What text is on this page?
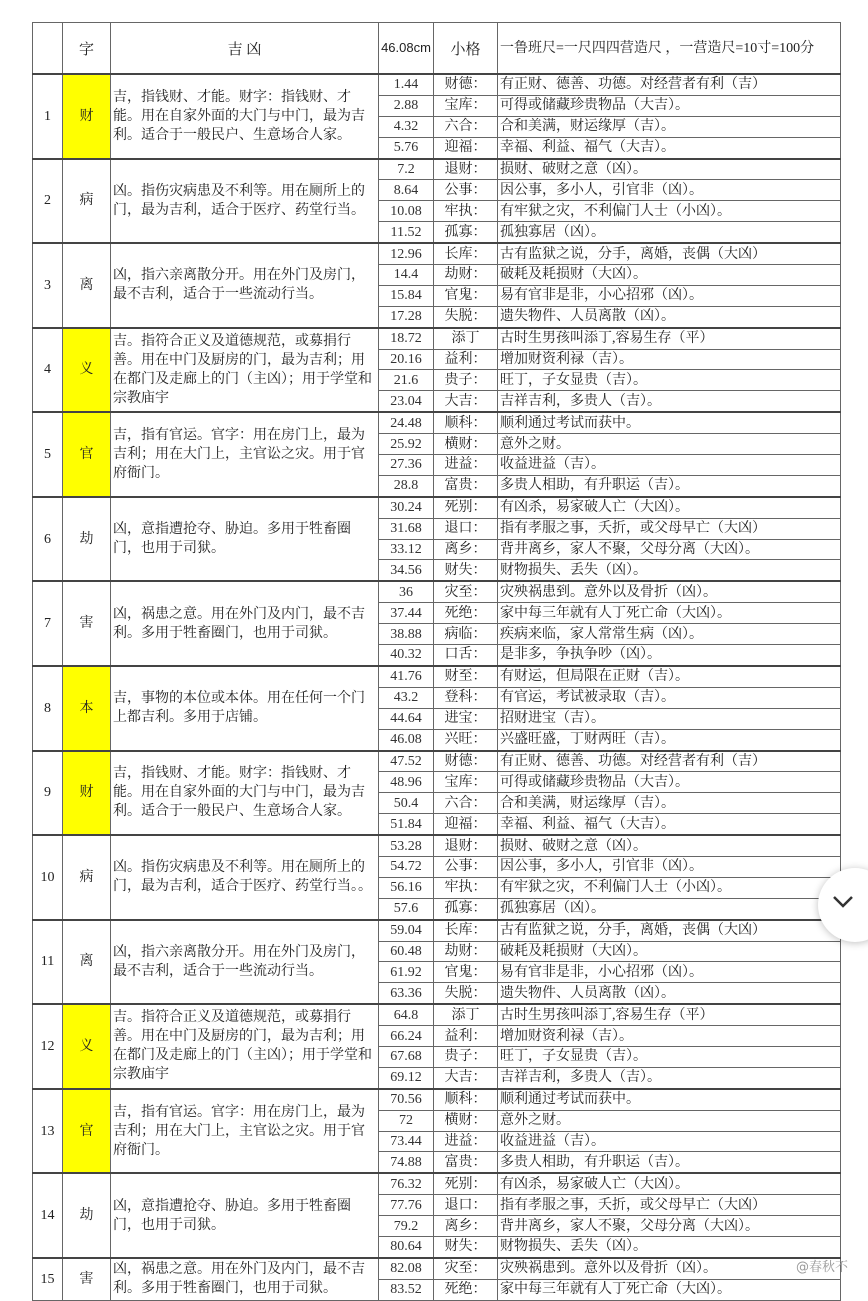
	字	吉 凶	46.08cm	小格	一鲁班尺=一尺四四营造尺 ，一营造尺=10寸=100分
1	财	吉，指钱财、才能。财字：指钱财、才能。用在自家外面的大门与中门，最为吉利。适合于一般民户、生意场合人家。	1.44	财德：	有正财、德善、功德。对经营者有利（吉）
			2.88	宝库：	可得或储藏珍贵物品（大吉）。
			4.32	六合：	合和美满，财运缘厚（吉）。
			5.76	迎福：	幸福、利益、福气（大吉）。
2	病	凶。指伤灾病患及不利等。用在厕所上的门，最为吉利，适合于医疗、药堂行当。	7.2	退财：	损财、破财之意（凶）。
			8.64	公事：	因公事，多小人，引官非（凶）。
			10.08	牢执：	有牢狱之灾，不利偏门人士（小凶）。
			11.52	孤寡：	孤独寡居（凶）。
3	离	凶，指六亲离散分开。用在外门及房门，最不吉利，适合于一些流动行当。	12.96	长库：	古有监狱之说，分手，离婚，丧偶（大凶）
			14.4	劫财：	破耗及耗损财（大凶）。
			15.84	官鬼：	易有官非是非，小心招邪（凶）。
			17.28	失脱：	遗失物件、人员离散（凶）。
4	义	吉。指符合正义及道德规范，或募捐行善。用在中门及厨房的门，最为吉利；用在都门及走廊上的门（主凶）；用于学堂和宗教庙宇	18.72	添丁	古时生男孩叫添丁,容易生存（平）
			20.16	益利：	增加财资利禄（吉）。
			21.6	贵子：	旺丁，子女显贵（吉）。
			23.04	大吉：	吉祥吉利，多贵人（吉）。
5	官	吉，指有官运。官字：用在房门上，最为吉利；用在大门上，主官讼之灾。用于官府衙门。	24.48	顺科：	顺利通过考试而获中。
			25.92	横财：	意外之财。
			27.36	进益：	收益进益（吉）。
			28.8	富贵：	多贵人相助，有升职运（吉）。
6	劫	凶，意指遭抢夺、胁迫。多用于牲畜圈门，也用于司狱。	30.24	死别：	有凶杀，易家破人亡（大凶）。
			31.68	退口：	指有孝服之事，夭折，或父母早亡（大凶）
			33.12	离乡：	背井离乡，家人不聚，父母分离（大凶）。
			34.56	财失：	财物损失、丢失（凶）。
7	害	凶，祸患之意。用在外门及内门，最不吉利。多用于牲畜圈门，也用于司狱。	36	灾至：	灾殃祸患到。意外以及骨折（凶）。
			37.44	死绝：	家中每三年就有人丁死亡命（大凶）。
			38.88	病临：	疾病来临，家人常常生病（凶）。
			40.32	口舌：	是非多，争执争吵（凶）。
8	本	吉，事物的本位或本体。用在任何一个门上都吉利。多用于店铺。	41.76	财至：	有财运，但局限在正财（吉）。
			43.2	登科：	有官运，考试被录取（吉）。
			44.64	进宝：	招财进宝（吉）。
			46.08	兴旺：	兴盛旺盛，丁财两旺（吉）。
9	财	吉，指钱财、才能。财字：指钱财、才能。用在自家外面的大门与中门，最为吉利。适合于一般民户、生意场合人家。	47.52	财德：	有正财、德善、功德。对经营者有利（吉）
			48.96	宝库：	可得或储藏珍贵物品（大吉）。
			50.4	六合：	合和美满，财运缘厚（吉）。
			51.84	迎福：	幸福、利益、福气（大吉）。
10	病	凶。指伤灾病患及不利等。用在厕所上的门，最为吉利，适合于医疗、药堂行当。。	53.28	退财：	损财、破财之意（凶）。
			54.72	公事：	因公事，多小人，引官非（凶）。
			56.16	牢执：	有牢狱之灾，不利偏门人士（小凶）。
			57.6	孤寡：	孤独寡居（凶）。
11	离	凶，指六亲离散分开。用在外门及房门，最不吉利，适合于一些流动行当。	59.04	长库：	古有监狱之说，分手，离婚，丧偶（大凶）
			60.48	劫财：	破耗及耗损财（大凶）。
			61.92	官鬼：	易有官非是非，小心招邪（凶）。
			63.36	失脱：	遗失物件、人员离散（凶）。
12	义	吉。指符合正义及道德规范，或募捐行善。用在中门及厨房的门，最为吉利；用在都门及走廊上的门（主凶）；用于学堂和宗教庙宇	64.8	添丁	古时生男孩叫添丁,容易生存（平）
			66.24	益利：	增加财资利禄（吉）。
			67.68	贵子：	旺丁，子女显贵（吉）。
			69.12	大吉：	吉祥吉利，多贵人（吉）。
13	官	吉，指有官运。官字：用在房门上，最为吉利；用在大门上，主官讼之灾。用于官府衙门。	70.56	顺科：	顺利通过考试而获中。
			72	横财：	意外之财。
			73.44	进益：	收益进益（吉）。
			74.88	富贵：	多贵人相助，有升职运（吉）。
14	劫	凶，意指遭抢夺、胁迫。多用于牲畜圈门，也用于司狱。	76.32	死别：	有凶杀，易家破人亡（大凶）。
			77.76	退口：	指有孝服之事，夭折，或父母早亡（大凶）
			79.2	离乡：	背井离乡，家人不聚，父母分离（大凶）。
			80.64	财失：	财物损失、丢失（凶）。
15	害	凶，祸患之意。用在外门及内门，最不吉利。多用于牲畜圈门，也用于司狱。	82.08	灾至：	灾殃祸患到。意外以及骨折（凶）。
			83.52	死绝：	家中每三年就有人丁死亡命（大凶）。
@春秋不
